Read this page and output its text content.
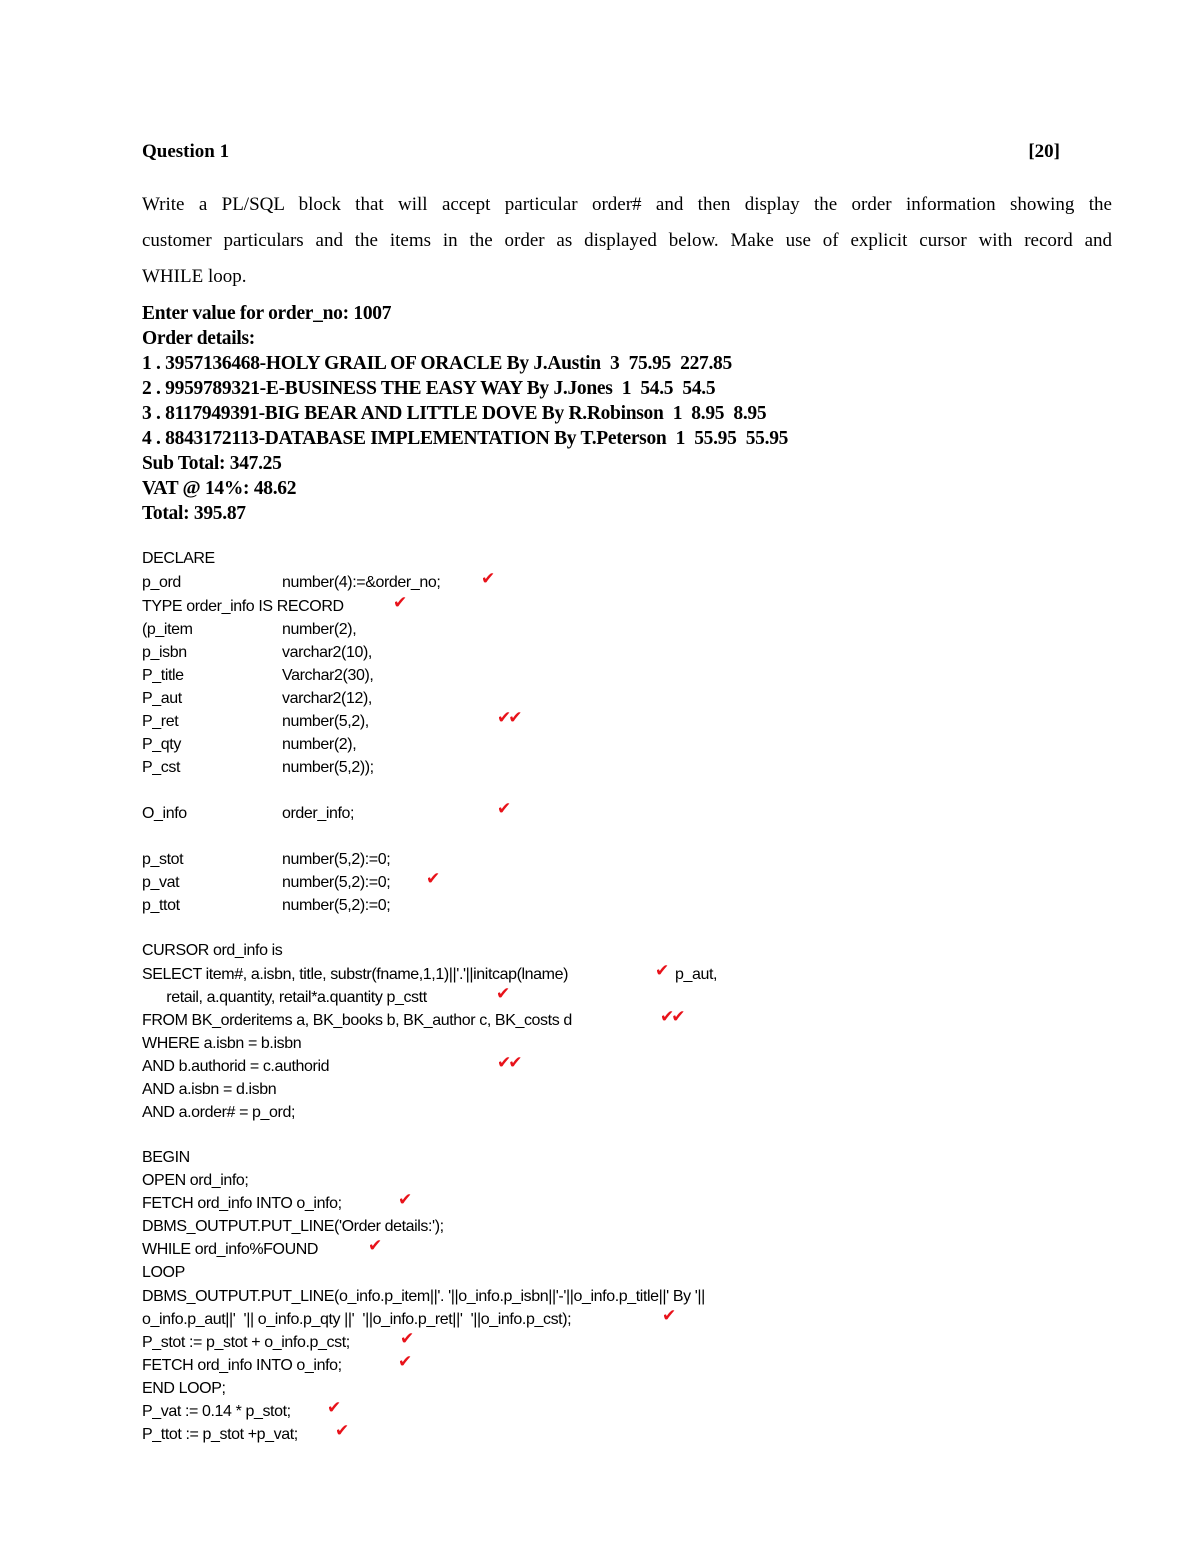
Question 1	[20]
Write a PL/SQL block that will accept particular order# and then display the order information showing the
customer particulars and the items in the order as displayed below. Make use of explicit cursor with record and
WHILE loop.
Enter value for order_no: 1007
Order details:
1 . 3957136468-HOLY GRAIL OF ORACLE By J.Austin  3  75.95  227.85
2 . 9959789321-E-BUSINESS THE EASY WAY By J.Jones  1  54.5  54.5
3 . 8117949391-BIG BEAR AND LITTLE DOVE By R.Robinson  1  8.95  8.95
4 . 8843172113-DATABASE IMPLEMENTATION By T.Peterson  1  55.95  55.95
Sub Total: 347.25
VAT @ 14%: 48.62
Total: 395.87
DECLARE
p_ord	number(4):=&order_no; ✔
TYPE order_info IS RECORD	✔
(p_item	number(2),
p_isbn	varchar2(10),
P_title	Varchar2(30),
P_aut	varchar2(12),
P_ret	number(5,2),	✔✔
P_qty	number(2),
P_cst	number(5,2));
O_info	order_info;	✔
p_stot	number(5,2):=0;
p_vat	number(5,2):=0; ✔
p_ttot	number(5,2):=0;
CURSOR ord_info is
SELECT item#, a.isbn, title, substr(fname,1,1)||'.'||initcap(lname)	✔ p_aut,
retail, a.quantity, retail*a.quantity p_cstt	✔
FROM BK_orderitems a, BK_books b, BK_author c, BK_costs d	✔✔
WHERE a.isbn = b.isbn
AND b.authorid = c.authorid	✔✔
AND a.isbn = d.isbn
AND a.order# = p_ord;
BEGIN
OPEN ord_info;
FETCH ord_info INTO o_info;	✔
DBMS_OUTPUT.PUT_LINE('Order details:');
WHILE ord_info%FOUND	✔
LOOP
DBMS_OUTPUT.PUT_LINE(o_info.p_item||'. '||o_info.p_isbn||'-'||o_info.p_title||' By '||
o_info.p_aut||'  '|| o_info.p_qty ||'  '||o_info.p_ret||'  '||o_info.p_cst);	✔
P_stot := p_stot + o_info.p_cst;	✔
FETCH ord_info INTO o_info;	✔
END LOOP;
P_vat := 0.14 * p_stot; ✔
P_ttot := p_stot +p_vat; ✔
